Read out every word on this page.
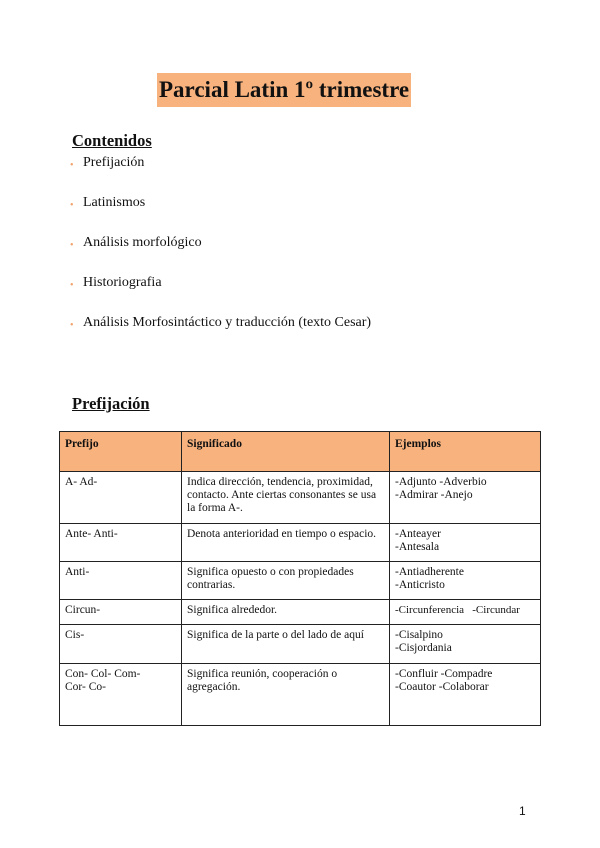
Parcial Latin 1º trimestre
Contenidos
• Prefijación
• Latinismos
• Análisis morfológico
• Historiografia
• Análisis Morfosintáctico y traducción (texto Cesar)
Prefijación
Prefijo	Significado	Ejemplos
A- Ad-	Indica dirección, tendencia, proximidad, contacto. Ante ciertas consonantes se usa la forma A-.	-Adjunto -Adverbio
-Admirar -Anejo
Ante- Anti-	Denota anterioridad en tiempo o espacio.	-Anteayer
-Antesala
Anti-	Significa opuesto o con propiedades contrarias.	-Antiadherente
-Anticristo
Circun-	Significa alrededor.	-Circunferencia   -Circundar
Cis-	Significa de la parte o del lado de aquí	-Cisalpino
-Cisjordania
Con- Col- Com-
Cor- Co-	Significa reunión, cooperación o agregación.	-Confluir -Compadre
-Coautor -Colaborar
1
